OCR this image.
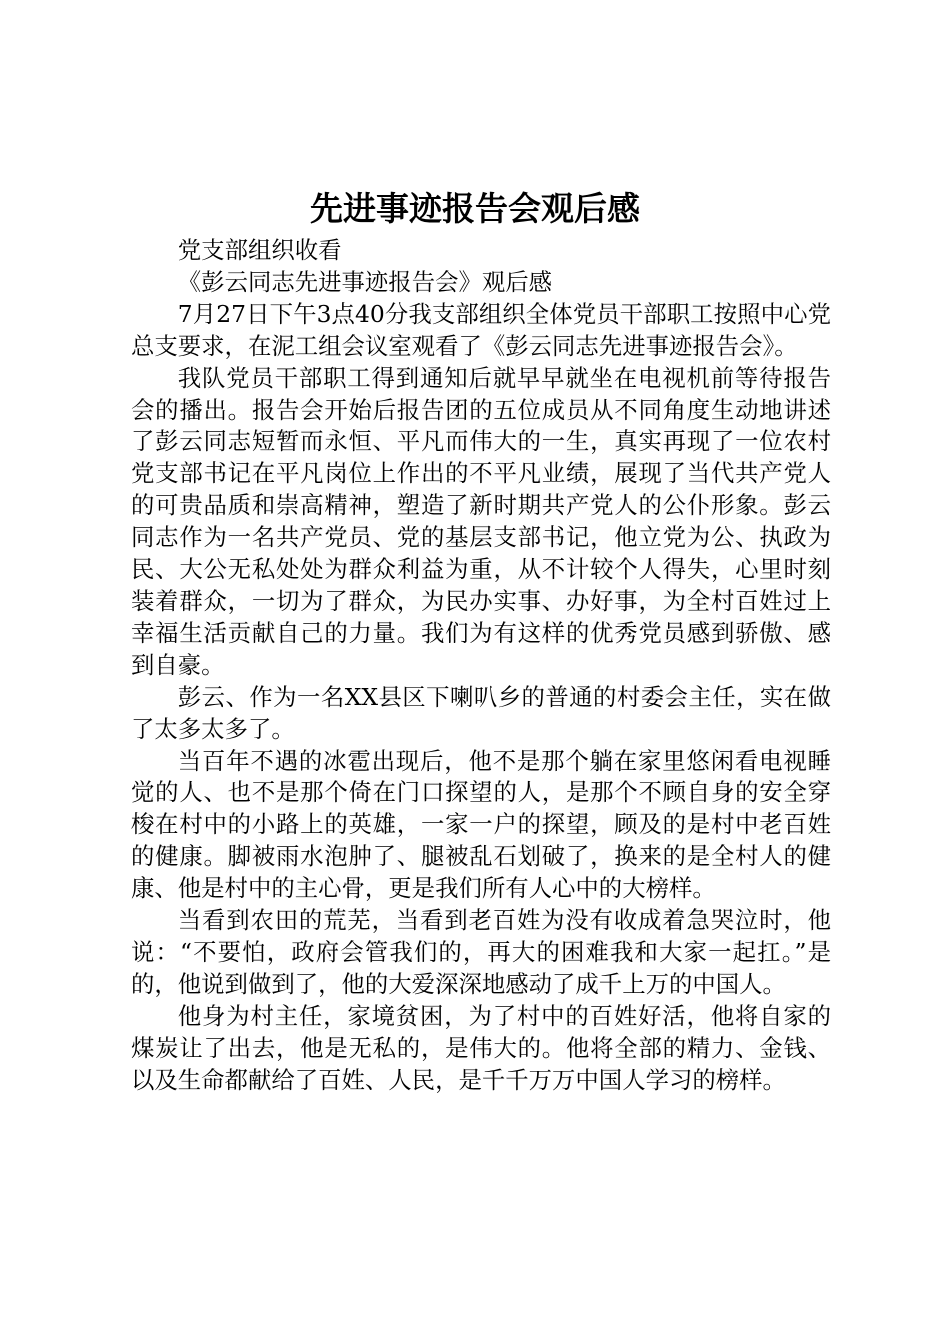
先进事迹报告会观后感

党支部组织收看

《彭云同志先进事迹报告会》观后感

7月27日下午3点40分我支部组织全体党员干部职工按照中心党总支要求，在泥工组会议室观看了《彭云同志先进事迹报告会》。

我队党员干部职工得到通知后就早早就坐在电视机前等待报告会的播出。报告会开始后报告团的五位成员从不同角度生动地讲述了彭云同志短暂而永恒、平凡而伟大的一生，真实再现了一位农村党支部书记在平凡岗位上作出的不平凡业绩，展现了当代共产党人的可贵品质和崇高精神，塑造了新时期共产党人的公仆形象。彭云同志作为一名共产党员、党的基层支部书记，他立党为公、执政为民、大公无私处处为群众利益为重，从不计较个人得失，心里时刻装着群众，一切为了群众，为民办实事、办好事，为全村百姓过上幸福生活贡献自己的力量。我们为有这样的优秀党员感到骄傲、感到自豪。

彭云、作为一名XX县区下喇叭乡的普通的村委会主任，实在做了太多太多了。

当百年不遇的冰雹出现后，他不是那个躺在家里悠闲看电视睡觉的人、也不是那个倚在门口探望的人，是那个不顾自身的安全穿梭在村中的小路上的英雄，一家一户的探望，顾及的是村中老百姓的健康。脚被雨水泡肿了、腿被乱石划破了，换来的是全村人的健康、他是村中的主心骨，更是我们所有人心中的大榜样。

当看到农田的荒芜，当看到老百姓为没有收成着急哭泣时，他说：“不要怕，政府会管我们的，再大的困难我和大家一起扛。”是的，他说到做到了，他的大爱深深地感动了成千上万的中国人。

他身为村主任，家境贫困，为了村中的百姓好活，他将自家的煤炭让了出去，他是无私的，是伟大的。他将全部的精力、金钱、以及生命都献给了百姓、人民，是千千万万中国人学习的榜样。
